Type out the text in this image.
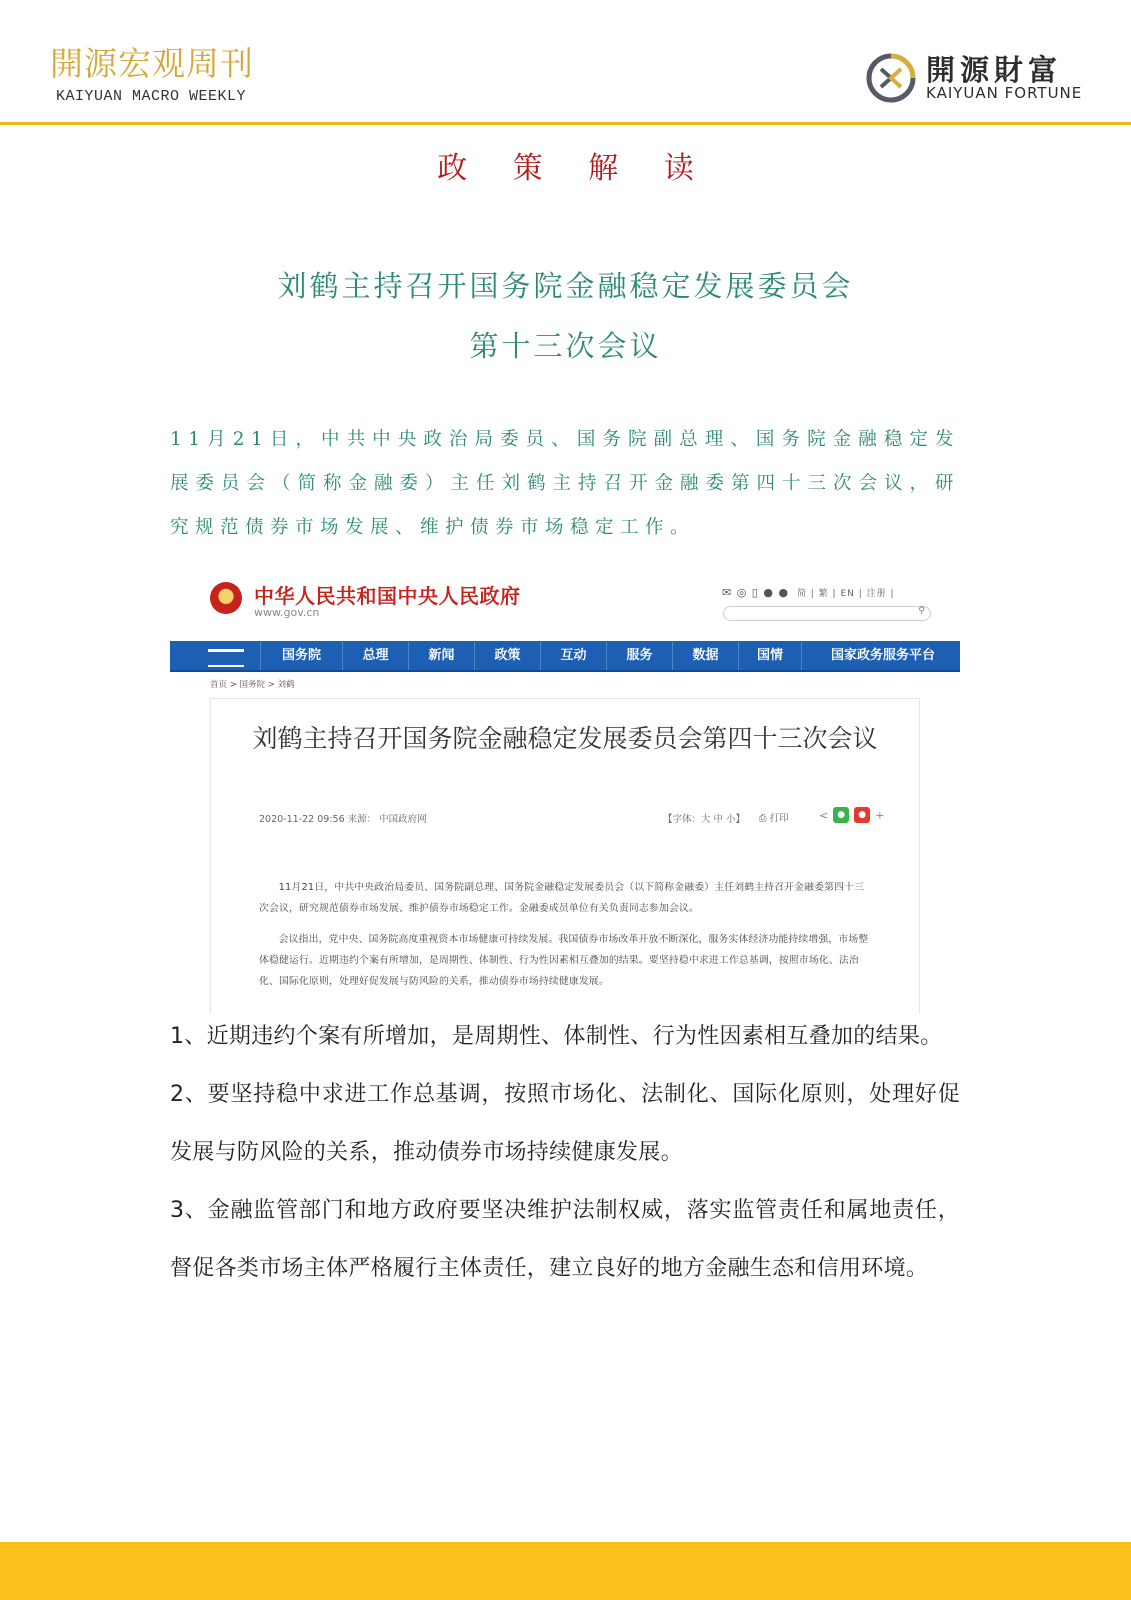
開源宏观周刊
KAIYUAN MACRO WEEKLY
開源財富
KAIYUAN FORTUNE
政 策 解 读
刘鹤主持召开国务院金融稳定发展委员会
第十三次会议

11月21日，中共中央政治局委员、国务院副总理、国务院金融稳定发展委员会（简称金融委）主任刘鹤主持召开金融委第四十三次会议，研究规范债券市场发展、维护债券市场稳定工作。

中华人民共和国中央人民政府
www.gov.cn
✉ ◎ ▯ ● ● 简 | 繁 | EN | 注册 |
⚲
国务院	总理	新闻	政策	互动	服务	数据	国情	国家政务服务平台
首页 > 国务院 > 刘鹤
刘鹤主持召开国务院金融稳定发展委员会第四十三次会议
2020-11-22 09:56 来源： 中国政府网	【字体：大 中 小】 ⎙ 打印	<	●	● +

11月21日，中共中央政治局委员、国务院副总理、国务院金融稳定发展委员会（以下简称金融委）主任刘鹤主持召开金融委第四十三次会议，研究规范债券市场发展、维护债券市场稳定工作。金融委成员单位有关负责同志参加会议。

会议指出，党中央、国务院高度重视资本市场健康可持续发展。我国债券市场改革开放不断深化，服务实体经济功能持续增强，市场整体稳健运行。近期违约个案有所增加，是周期性、体制性、行为性因素相互叠加的结果。要坚持稳中求进工作总基调，按照市场化、法治化、国际化原则，处理好促发展与防风险的关系，推动债券市场持续健康发展。

1、近期违约个案有所增加，是周期性、体制性、行为性因素相互叠加的结果。
2、要坚持稳中求进工作总基调，按照市场化、法制化、国际化原则，处理好促发展与防风险的关系，推动债券市场持续健康发展。
3、金融监管部门和地方政府要坚决维护法制权威，落实监管责任和属地责任，督促各类市场主体严格履行主体责任，建立良好的地方金融生态和信用环境。
